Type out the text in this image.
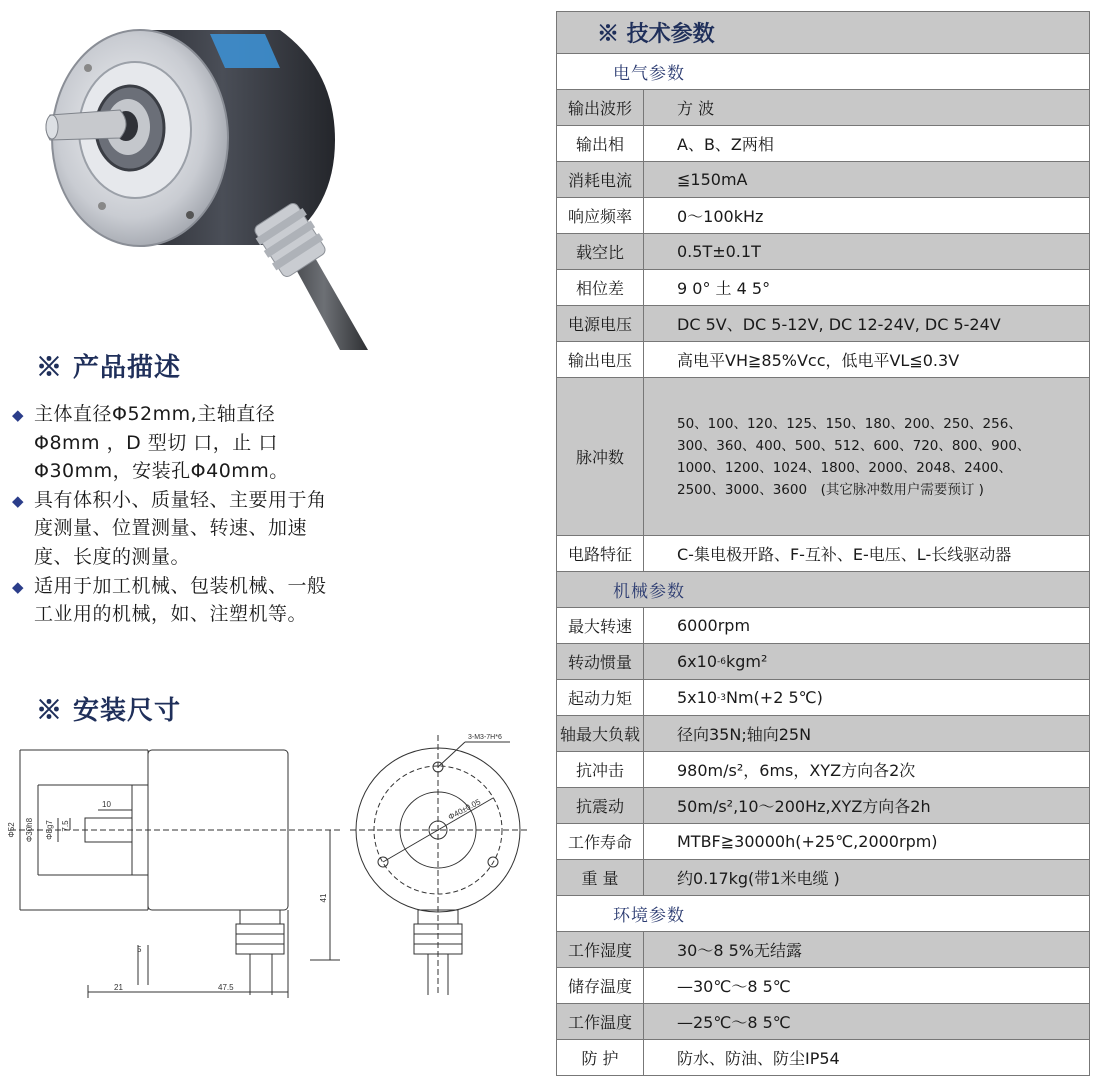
※ 产品描述
◆ 主体直径Φ52mm,主轴直径Φ8mm ，D 型切 口，止 口Φ30mm，安装孔Φ40mm。
◆ 具有体积小、质量轻、主要用于角度测量、位置测量、转速、加速度、长度的测量。
◆ 适用于加工机械、包装机械、一般工业用的机械，如、注塑机等。
※ 安装尺寸
Φ52 Φ30h8 Φ8g7
10
7.5
41
5
21	47.5
Φ40±0.05
3-M3-7H*6
※ 技术参数
电气参数
输出波形	方 波
输出相	A、B、Z两相
消耗电流	≦150mA
响应频率	0～100kHz
载空比	0.5T±0.1T
相位差	9 0° 土 4 5°
电源电压	DC 5V、DC 5-12V, DC 12-24V, DC 5-24V
输出电压	高电平VH≧85%Vcc，低电平VL≦0.3V
脉冲数
50、100、120、125、150、180、200、250、256、
300、360、400、500、512、600、720、800、900、
1000、1200、1024、1800、2000、2048、2400、
2500、3000、3600　(其它脉冲数用户需要预订 )
电路特征	C-集电极开路、F-互补、E-电压、L-长线驱动器
机械参数
最大转速	6000rpm
转动惯量	6x10 -6 kgm²
起动力矩	5x10 -3 Nm(+2 5℃)
轴最大负载	径向35N;轴向25N
抗冲击	980m/s²，6ms，XYZ方向各2次
抗震动	50m/s²,10～200Hz,XYZ方向各2h
工作寿命	MTBF≧30000h(+25℃,2000rpm)
重 量	约0.17kg(带1米电缆 )
环境参数
工作湿度	30～8 5%无结露
储存温度	—30℃～8 5℃
工作温度	—25℃～8 5℃
防 护	防水、防油、防尘IP54
